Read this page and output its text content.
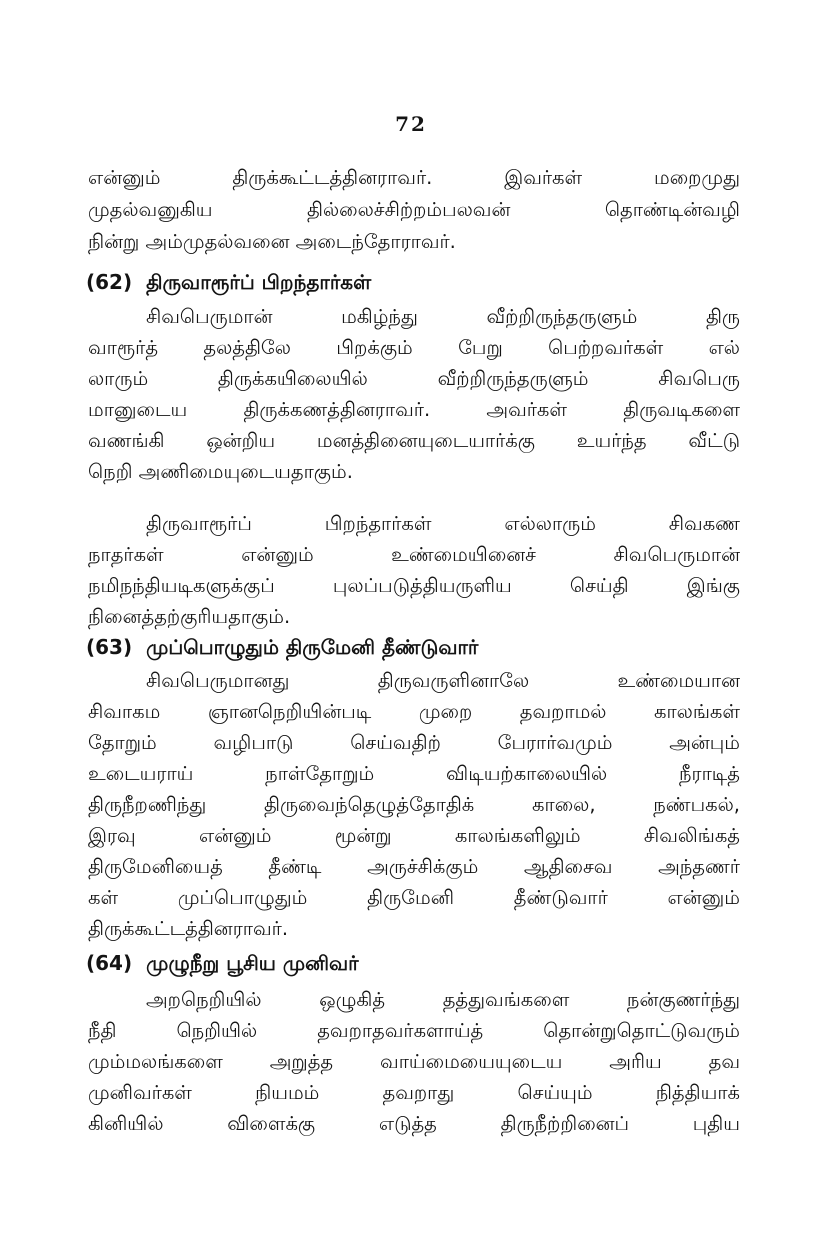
72
என்னும் திருக்கூட்டத்தினராவர். இவர்கள் மறைமுது
முதல்வனுகிய தில்லைச்சிற்றம்பலவன் தொண்டின்வழி
நின்று அம்முதல்வனை அடைந்தோராவர்.
(62) திருவாரூர்ப் பிறந்தார்கள்
சிவபெருமான் மகிழ்ந்து வீற்றிருந்தருளும் திரு
வாரூர்த் தலத்திலே பிறக்கும் பேறு பெற்றவர்கள் எல்
லாரும் திருக்கயிலையில் வீற்றிருந்தருளும் சிவபெரு
மானுடைய திருக்கணத்தினராவர். அவர்கள் திருவடிகளை
வணங்கி ஒன்றிய மனத்தினையுடையார்க்கு உயர்ந்த வீட்டு
நெறி அணிமையுடையதாகும்.
திருவாரூர்ப் பிறந்தார்கள் எல்லாரும் சிவகண
நாதர்கள் என்னும் உண்மையினைச் சிவபெருமான்
நமிநந்தியடிகளுக்குப் புலப்படுத்தியருளிய செய்தி இங்கு
நினைத்தற்குரியதாகும்.
(63) முப்பொழுதும் திருமேனி தீண்டுவார்
சிவபெருமானது திருவருளினாலே உண்மையான
சிவாகம ஞானநெறியின்படி முறை தவறாமல் காலங்கள்
தோறும் வழிபாடு செய்வதிற் பேரார்வமும் அன்பும்
உடையராய் நாள்தோறும் விடியற்காலையில் நீராடித்
திருநீறணிந்து திருவைந்தெழுத்தோதிக் காலை, நண்பகல்,
இரவு என்னும் மூன்று காலங்களிலும் சிவலிங்கத்
திருமேனியைத் தீண்டி அருச்சிக்கும் ஆதிசைவ அந்தணர்
கள் முப்பொழுதும் திருமேனி தீண்டுவார் என்னும்
திருக்கூட்டத்தினராவர்.
(64) முழுநீறு பூசிய முனிவர்
அறநெறியில் ஒழுகித் தத்துவங்களை நன்குணர்ந்து
நீதி நெறியில் தவறாதவர்களாய்த் தொன்றுதொட்டுவரும்
மும்மலங்களை அறுத்த வாய்மையையுடைய அரிய தவ
முனிவர்கள் நியமம் தவறாது செய்யும் நித்தியாக்
கினியில் விளைக்கு எடுத்த திருநீற்றினைப் புதிய
